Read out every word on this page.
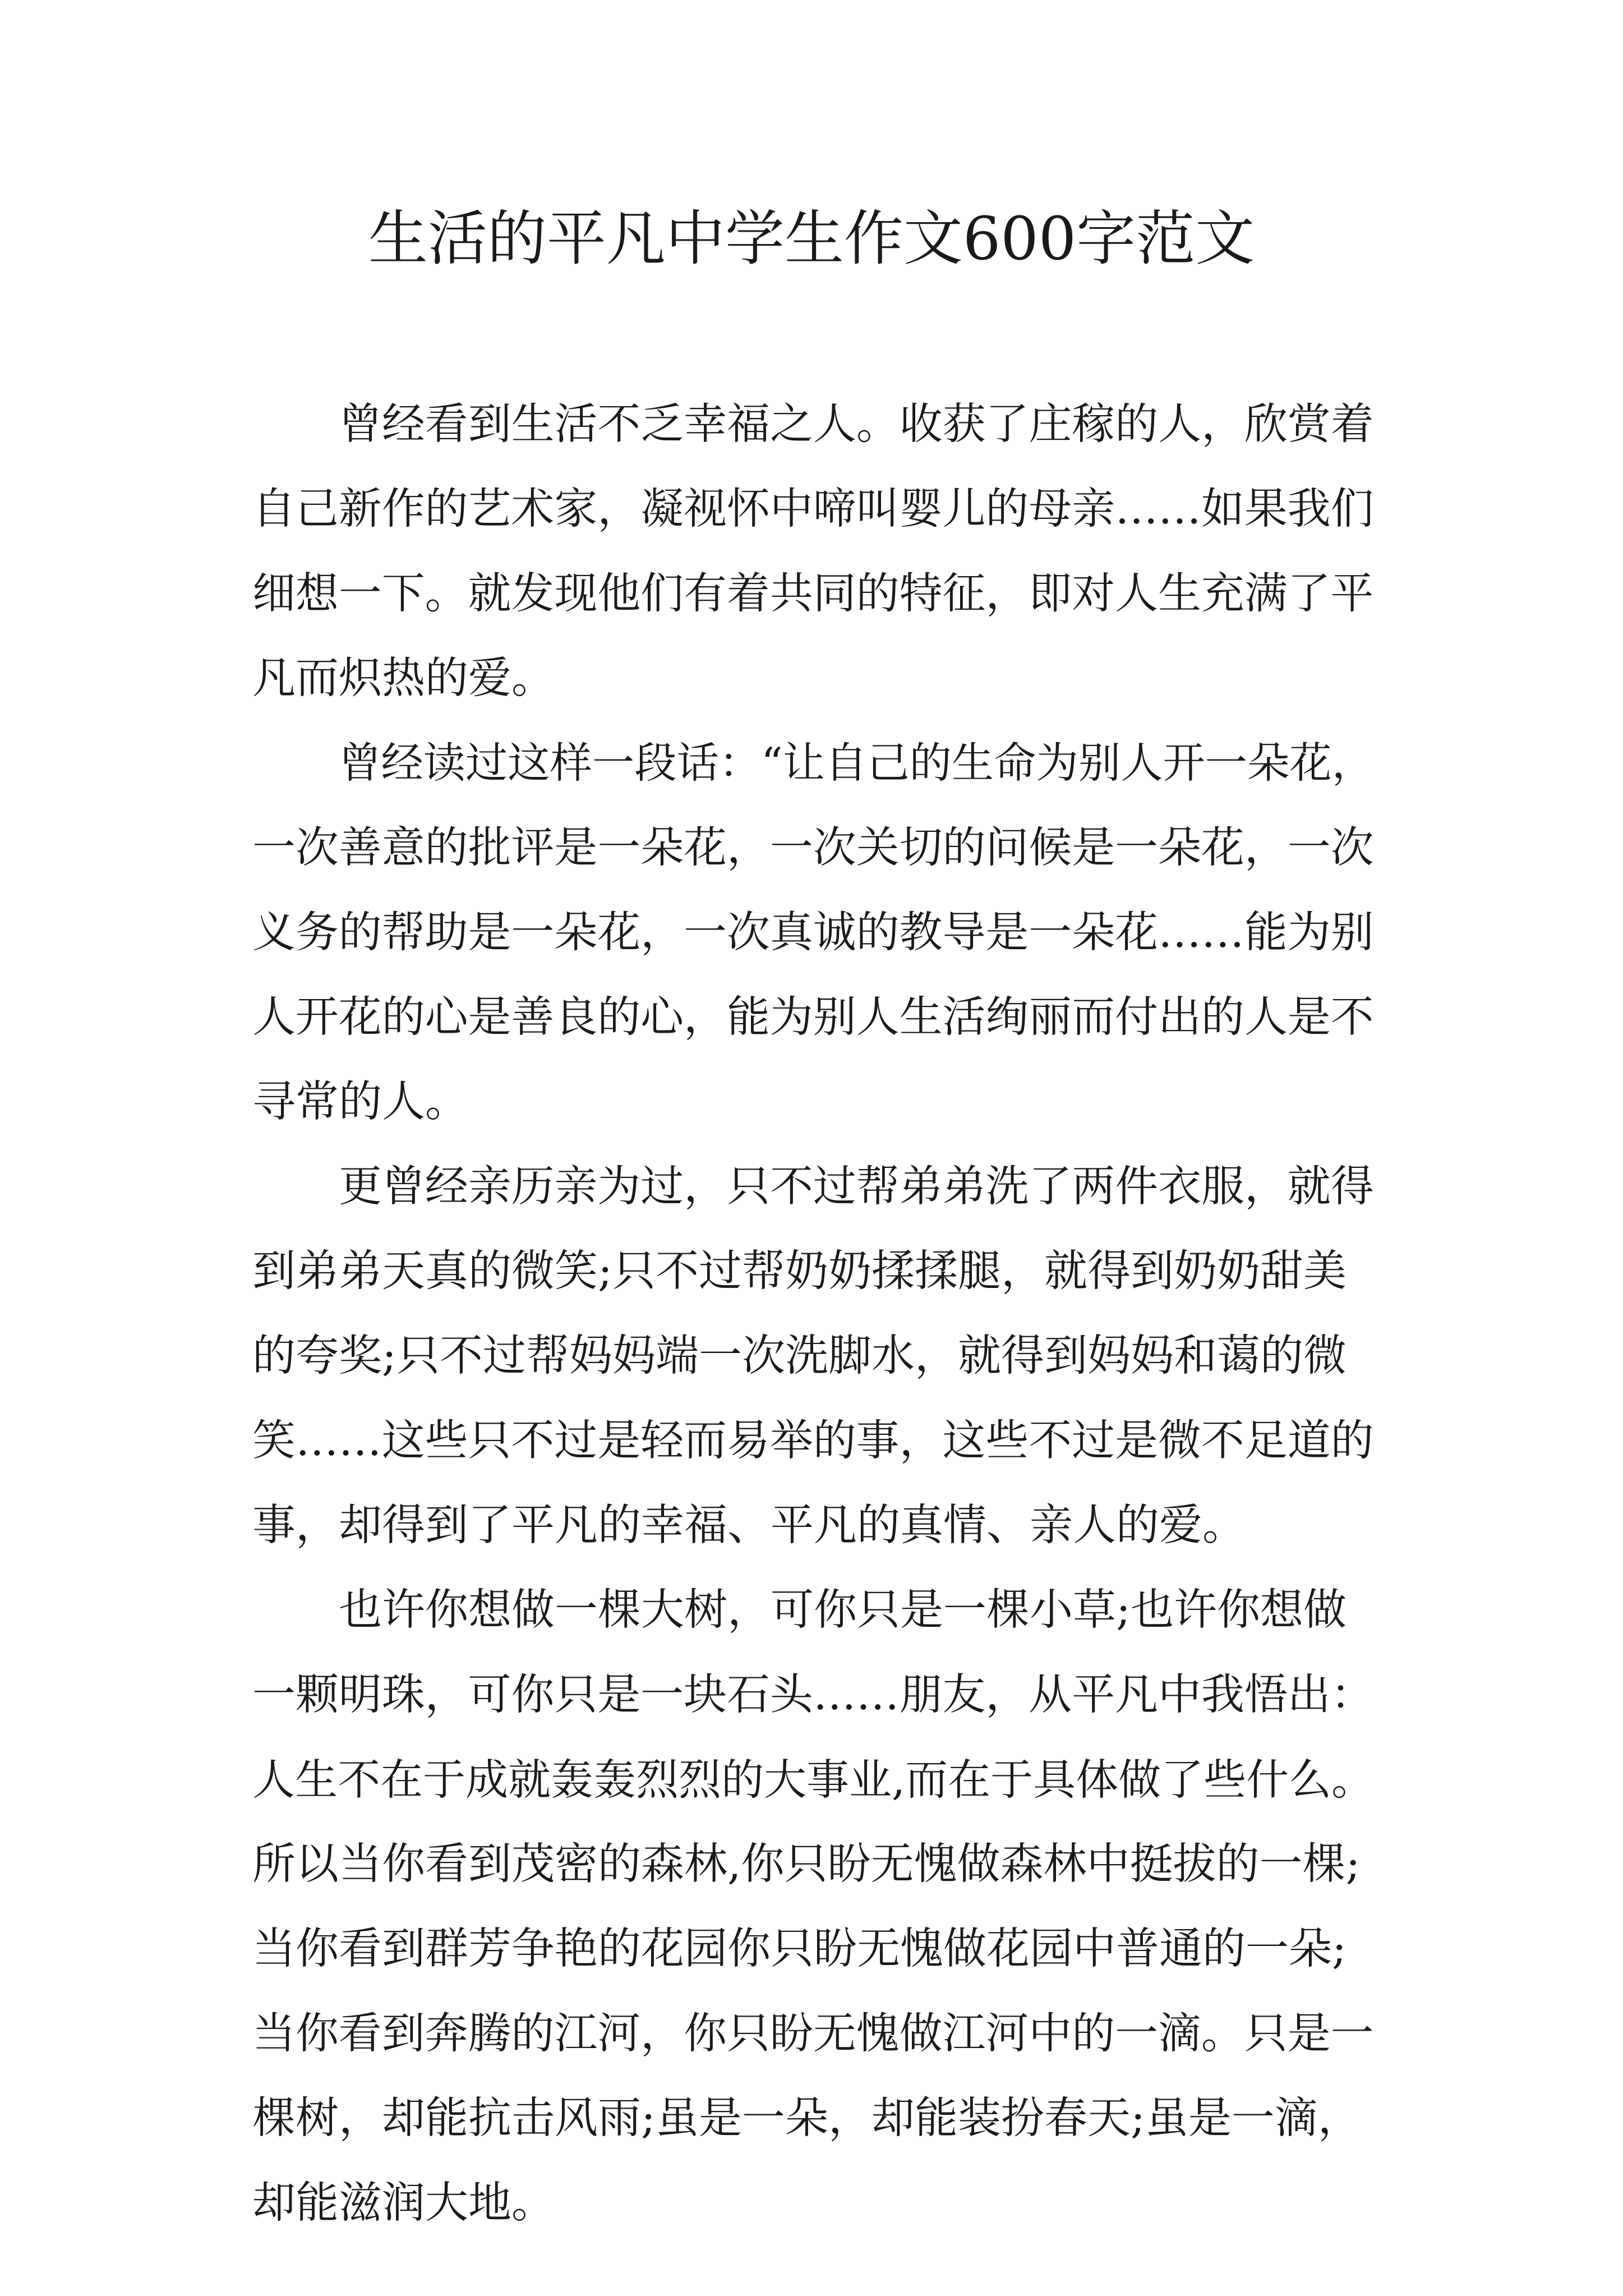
生活的平凡中学生作文600字范文
曾经看到生活不乏幸福之人。收获了庄稼的人，欣赏着
自己新作的艺术家，凝视怀中啼叫婴儿的母亲……如果我们
细想一下。就发现他们有着共同的特征，即对人生充满了平
凡而炽热的爱。
曾经读过这样一段话：“让自己的生命为别人开一朵花，
一次善意的批评是一朵花，一次关切的问候是一朵花，一次
义务的帮助是一朵花，一次真诚的教导是一朵花……能为别
人开花的心是善良的心，能为别人生活绚丽而付出的人是不
寻常的人。
更曾经亲历亲为过，只不过帮弟弟洗了两件衣服，就得
到弟弟天真的微笑;只不过帮奶奶揉揉腿，就得到奶奶甜美
的夸奖;只不过帮妈妈端一次洗脚水，就得到妈妈和蔼的微
笑……这些只不过是轻而易举的事，这些不过是微不足道的
事，却得到了平凡的幸福、平凡的真情、亲人的爱。
也许你想做一棵大树，可你只是一棵小草;也许你想做
一颗明珠，可你只是一块石头……朋友，从平凡中我悟出：
人生不在于成就轰轰烈烈的大事业,而在于具体做了些什么。
所以当你看到茂密的森林,你只盼无愧做森林中挺拔的一棵;
当你看到群芳争艳的花园你只盼无愧做花园中普通的一朵;
当你看到奔腾的江河，你只盼无愧做江河中的一滴。只是一
棵树，却能抗击风雨;虽是一朵，却能装扮春天;虽是一滴，
却能滋润大地。
